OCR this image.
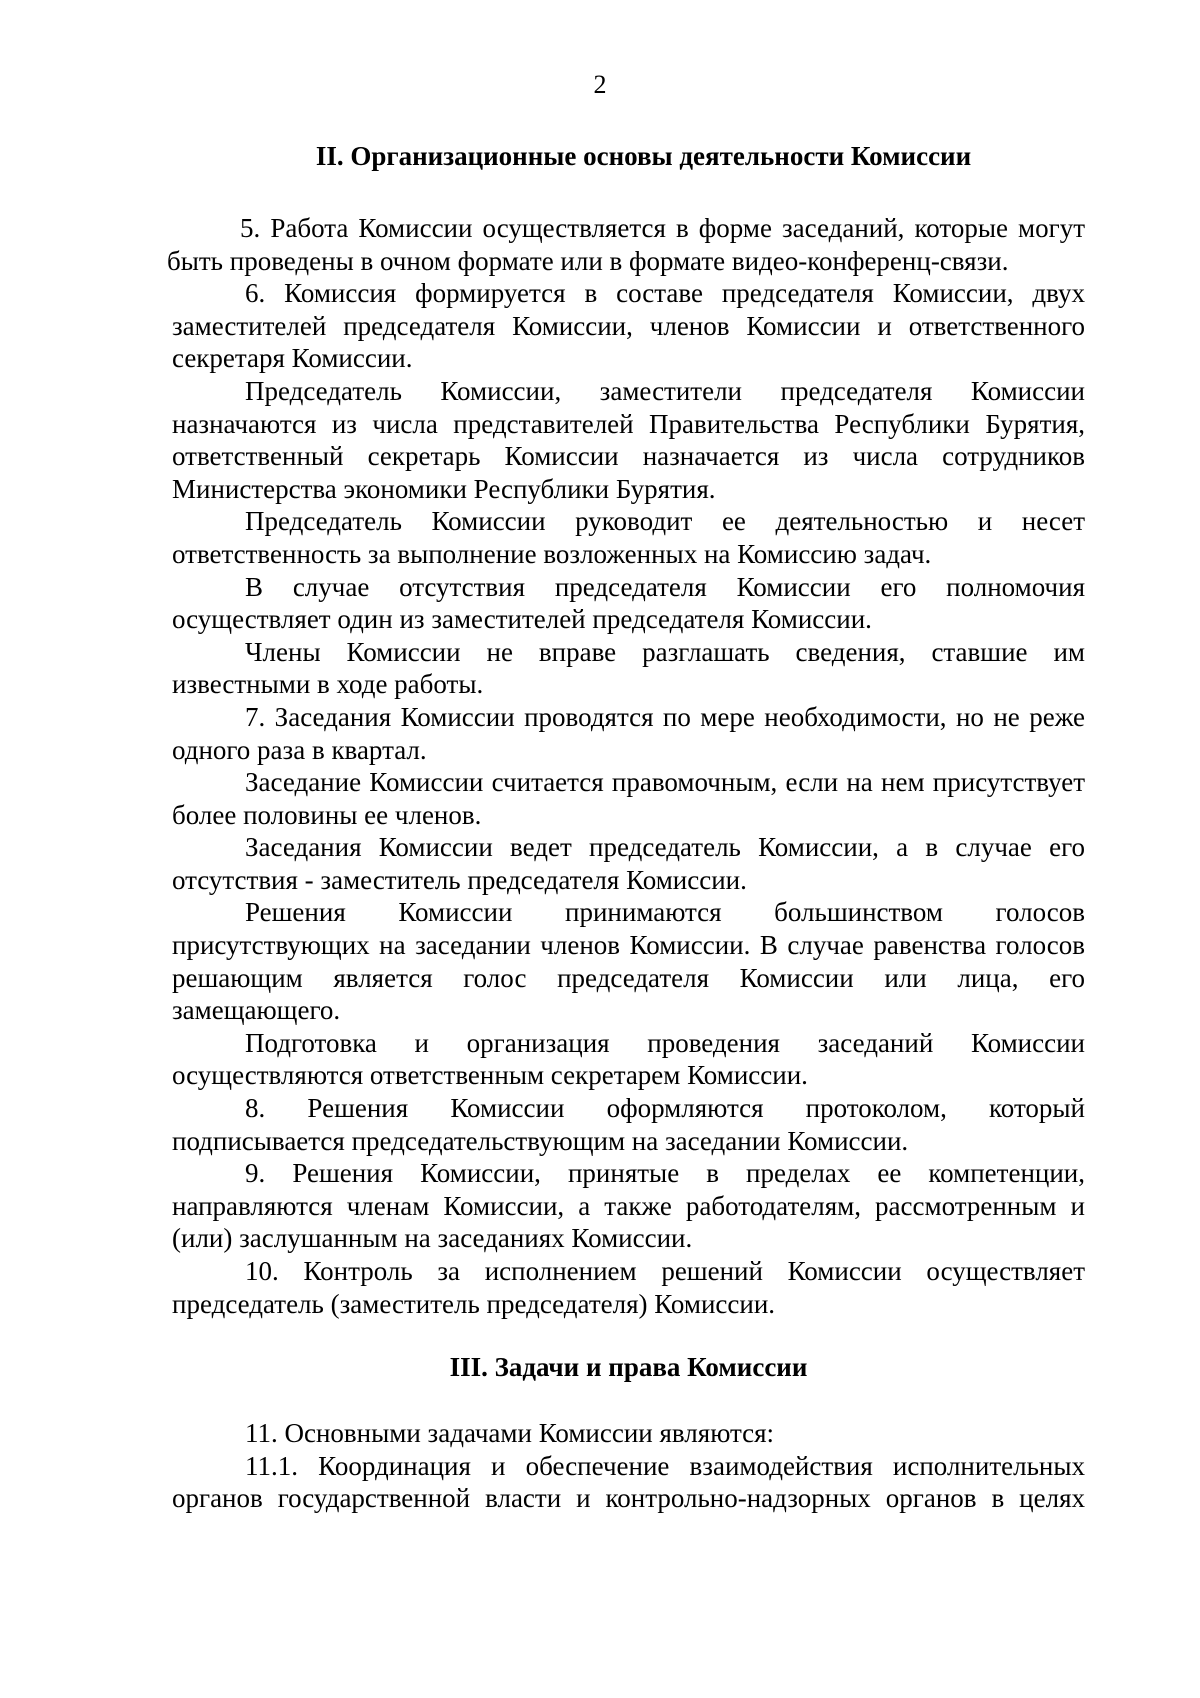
2
II. Организационные основы деятельности Комиссии

5. Работа Комиссии осуществляется в форме заседаний, которые могут быть проведены в очном формате или в формате видео-конференц-связи.

6. Комиссия формируется в составе председателя Комиссии, двух заместителей председателя Комиссии, членов Комиссии и ответственного секретаря Комиссии.

Председатель Комиссии, заместители председателя Комиссии назначаются из числа представителей Правительства Республики Бурятия, ответственный секретарь Комиссии назначается из числа сотрудников Министерства экономики Республики Бурятия.

Председатель Комиссии руководит ее деятельностью и несет ответственность за выполнение возложенных на Комиссию задач.

В случае отсутствия председателя Комиссии его полномочия осуществляет один из заместителей председателя Комиссии.

Члены Комиссии не вправе разглашать сведения, ставшие им известными в ходе работы.

7. Заседания Комиссии проводятся по мере необходимости, но не реже одного раза в квартал.

Заседание Комиссии считается правомочным, если на нем присутствует более половины ее членов.

Заседания Комиссии ведет председатель Комиссии, а в случае его отсутствия - заместитель председателя Комиссии.

Решения Комиссии принимаются большинством голосов присутствующих на заседании членов Комиссии. В случае равенства голосов решающим является голос председателя Комиссии или лица, его замещающего.

Подготовка и организация проведения заседаний Комиссии осуществляются ответственным секретарем Комиссии.

8. Решения Комиссии оформляются протоколом, который подписывается председательствующим на заседании Комиссии.

9. Решения Комиссии, принятые в пределах ее компетенции, направляются членам Комиссии, а также работодателям, рассмотренным и (или) заслушанным на заседаниях Комиссии.

10. Контроль за исполнением решений Комиссии осуществляет председатель (заместитель председателя) Комиссии.

III. Задачи и права Комиссии

11. Основными задачами Комиссии являются:

11.1. Координация и обеспечение взаимодействия исполнительных органов государственной власти и контрольно-надзорных органов в целях
